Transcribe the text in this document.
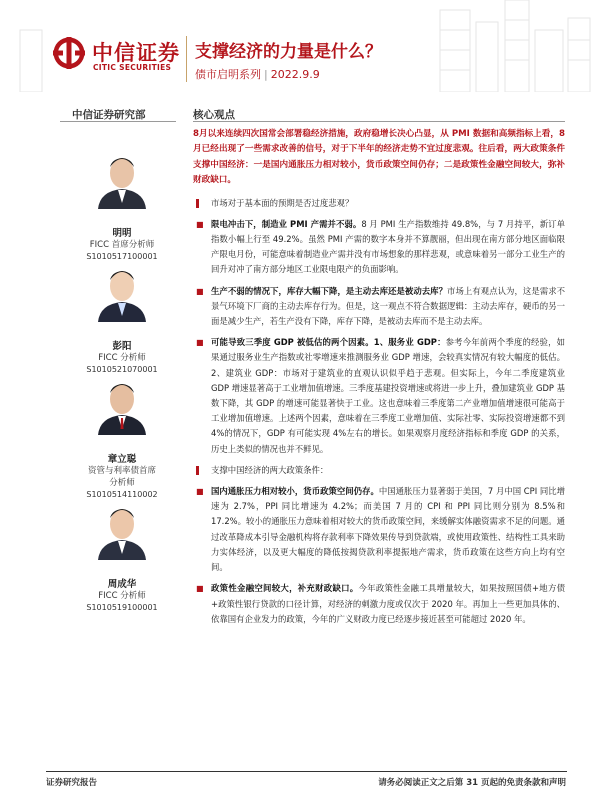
中信证券
CITIC SECURITIES
支撑经济的力量是什么？
债市启明系列 | 2022.9.9
中信证券研究部	核心观点
明明
FICC 首席分析师
S1010517100001
彭阳
FICC 分析师
S1010521070001
章立聪
资管与利率债首席
分析师
S1010514110002
周成华
FICC 分析师
S1010519100001

8月以来连续四次国常会部署稳经济措施，政府稳增长决心凸显，从 PMI 数据和高频指标上看，8月已经出现了一些需求改善的信号，对于下半年的经济走势不宜过度悲观。往后看，两大政策条件支撑中国经济：一是国内通胀压力相对较小，货币政策空间仍存；二是政策性金融空间较大，弥补财政缺口。

市场对于基本面的预期是否过度悲观？
■ 限电冲击下，制造业 PMI 产需并不弱。8 月 PMI 生产指数维持 49.8%，与 7 月持平，新订单指数小幅上行至 49.2%。虽然 PMI 产需的数字本身并不算靓丽，但出现在南方部分地区面临限产限电月份，可能意味着制造业产需并没有市场想象的那样悲观，或意味着另一部分工业生产的回升对冲了南方部分地区工业限电限产的负面影响。
■ 生产不弱的情况下，库存大幅下降，是主动去库还是被动去库？市场上有观点认为，这是需求不景气环境下厂商的主动去库存行为。但是，这一观点不符合数据逻辑：主动去库存，硬币的另一面是减少生产，若生产没有下降，库存下降，是被动去库而不是主动去库。
■ 可能导致三季度 GDP 被低估的两个因素。1、服务业 GDP：参考今年前两个季度的经验，如果通过服务业生产指数或社零增速来推测服务业 GDP 增速，会较真实情况有较大幅度的低估。2、建筑业 GDP：市场对于建筑业的直观认识似乎趋于悲观。但实际上，今年二季度建筑业 GDP 增速显著高于工业增加值增速。三季度基建投资增速或将进一步上升，叠加建筑业 GDP 基数下降，其 GDP 的增速可能显著快于工业。这也意味着三季度第二产业增加值增速很可能高于工业增加值增速。上述两个因素，意味着在三季度工业增加值、实际社零、实际投资增速都不到 4%的情况下，GDP 有可能实现 4%左右的增长。如果观察月度经济指标和季度 GDP 的关系，历史上类似的情况也并不鲜见。
支撑中国经济的两大政策条件：
■ 国内通胀压力相对较小，货币政策空间仍存。中国通胀压力显著弱于美国，7 月中国 CPI 同比增速为 2.7%，PPI 同比增速为 4.2%；而美国 7 月的 CPI 和 PPI 同比则分别为 8.5%和 17.2%。较小的通胀压力意味着相对较大的货币政策空间，来缓解实体融资需求不足的问题。通过改革降成本引导金融机构将存款利率下降效果传导到贷款端，或使用政策性、结构性工具来助力实体经济，以及更大幅度的降低按揭贷款利率提振地产需求，货币政策在这些方向上均有空间。
■ 政策性金融空间较大，补充财政缺口。今年政策性金融工具增量较大，如果按照国债+地方债+政策性银行贷款的口径计算，对经济的刺激力度或仅次于 2020 年。再加上一些更加具体的、依靠国有企业发力的政策，今年的广义财政力度已经逐步接近甚至可能超过 2020 年。
证券研究报告	请务必阅读正文之后第 31 页起的免责条款和声明
